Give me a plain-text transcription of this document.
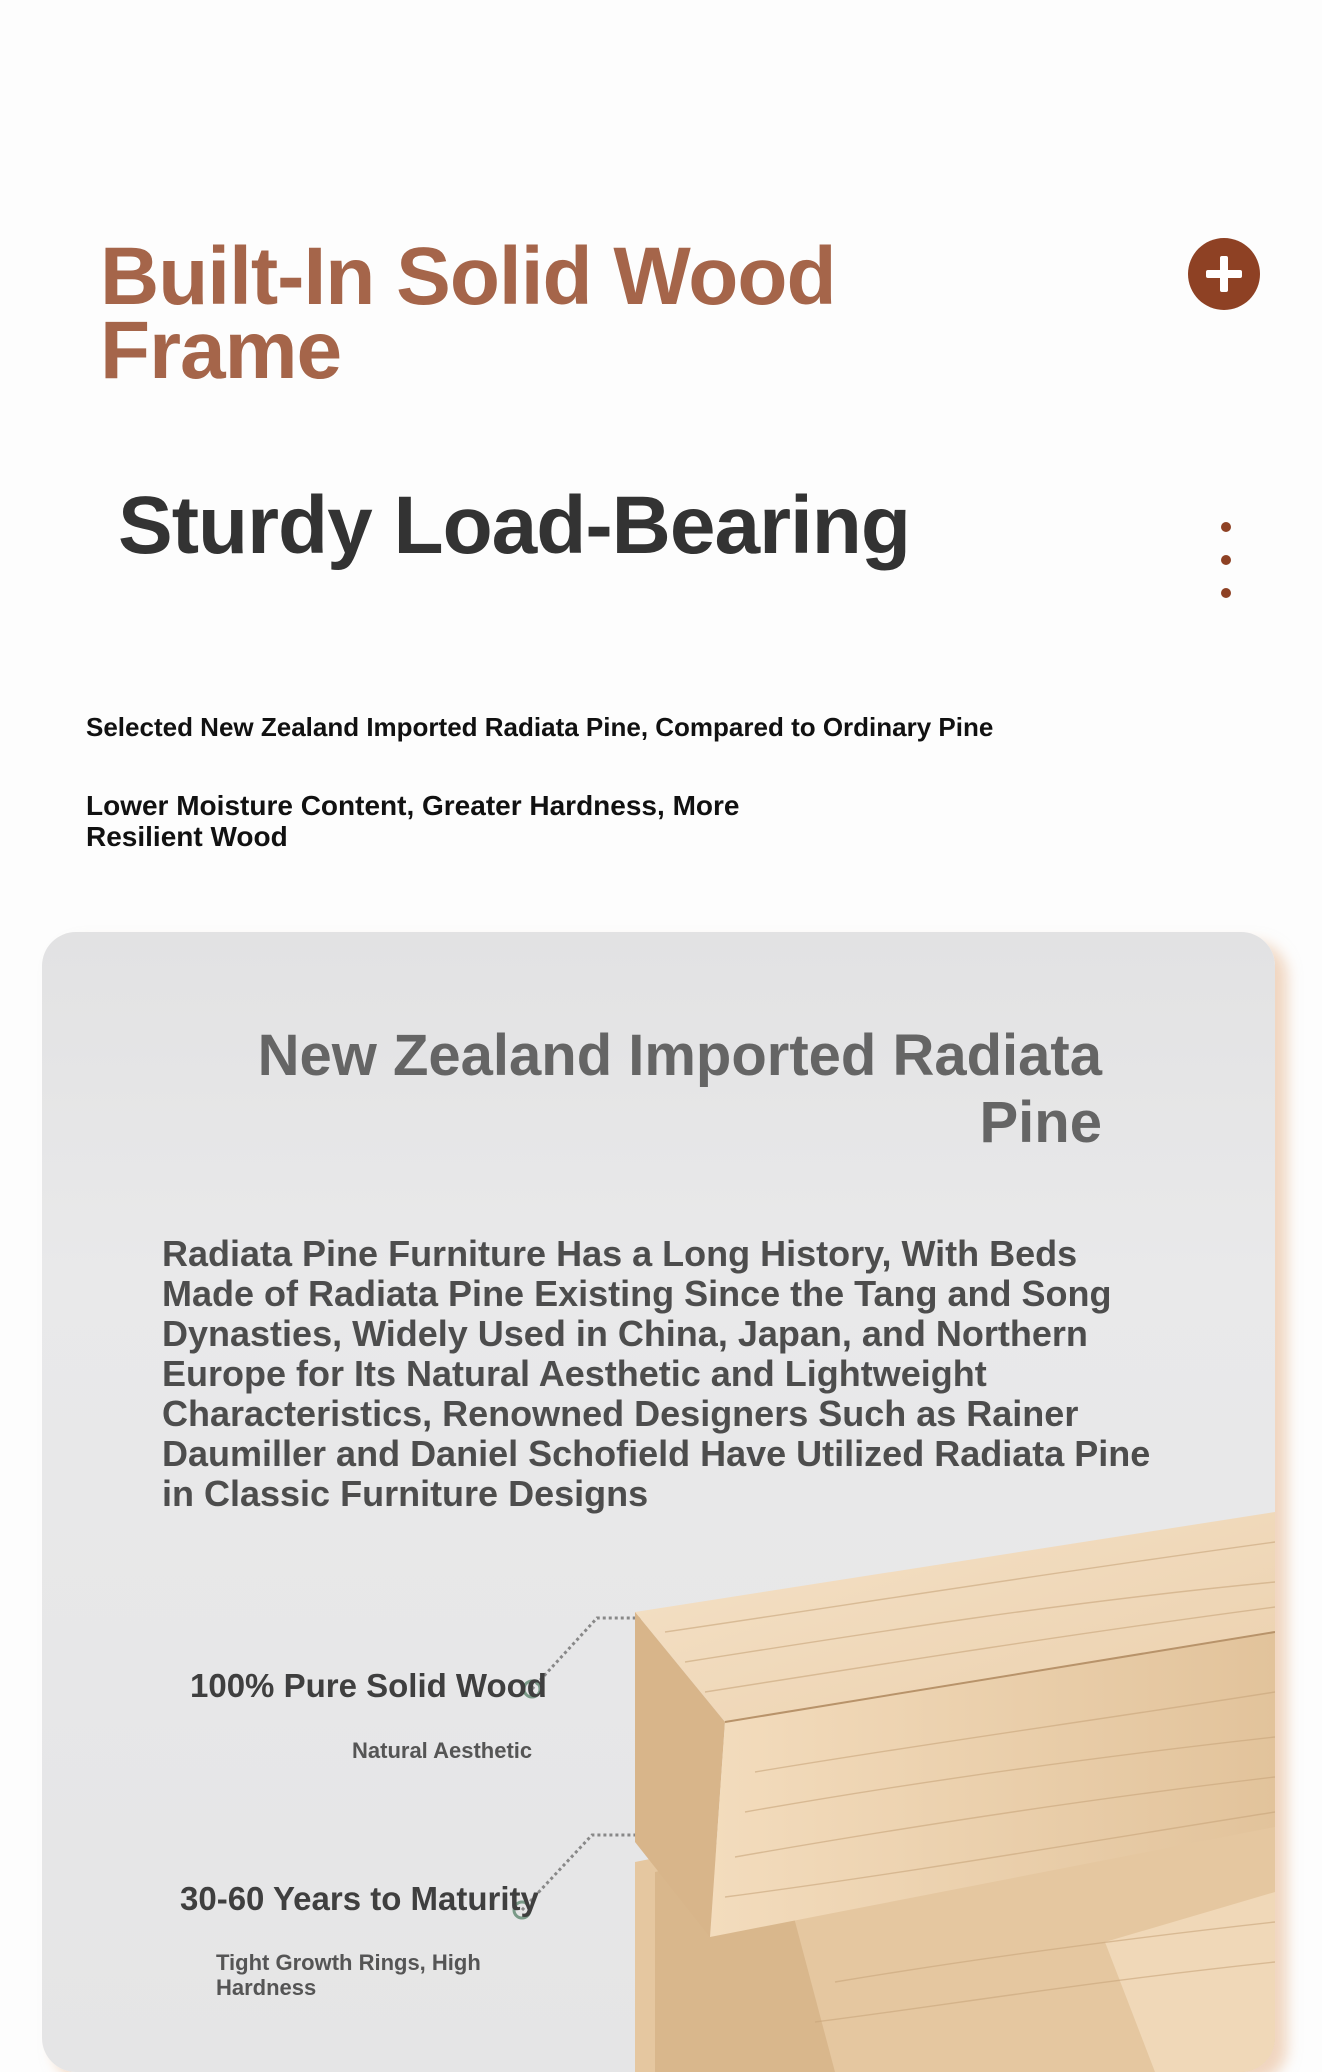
Built-In Solid Wood
Frame
Sturdy Load-Bearing
Selected New Zealand Imported Radiata Pine, Compared to Ordinary Pine
Lower Moisture Content, Greater Hardness, More Resilient Wood
New Zealand Imported Radiata Pine
Radiata Pine Furniture Has a Long History, With Beds Made of Radiata Pine Existing Since the Tang and Song Dynasties, Widely Used in China, Japan, and Northern Europe for Its Natural Aesthetic and Lightweight Characteristics, Renowned Designers Such as Rainer Daumiller and Daniel Schofield Have Utilized Radiata Pine in Classic Furniture Designs
100% Pure Solid Wood
Natural Aesthetic
30-60 Years to Maturity
Tight Growth Rings, High Hardness
